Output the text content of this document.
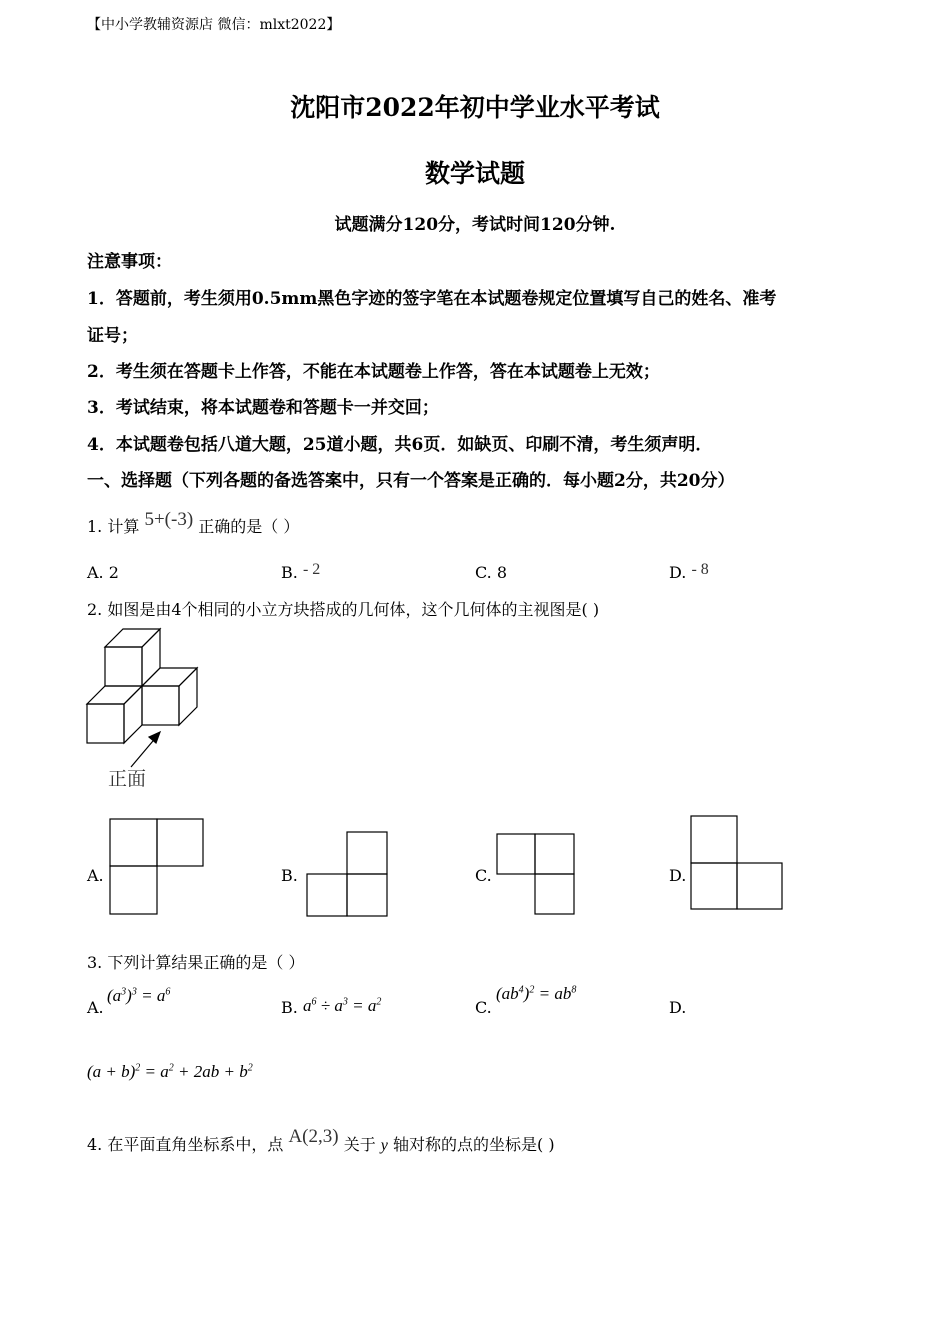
【中小学教辅资源店 微信：mlxt2022】
沈阳市2022年初中学业水平考试
数学试题
试题满分120分，考试时间120分钟.
注意事项：
1．答题前，考生须用0.5mm黑色字迹的签字笔在本试题卷规定位置填写自己的姓名、准考
证号；
2．考生须在答题卡上作答，不能在本试题卷上作答，答在本试题卷上无效；
3．考试结束，将本试题卷和答题卡一并交回；
4．本试题卷包括八道大题，25道小题，共6页．如缺页、印刷不清，考生须声明．
一、选择题（下列各题的备选答案中，只有一个答案是正确的．每小题2分，共20分）
1. 计算 5+(-3) 正确的是（ ）
A. 2	B. - 2	C. 8	D. - 8
2. 如图是由4个相同的小立方块搭成的几何体，这个几何体的主视图是( )
正面
A.	B.	C.	D.
3. 下列计算结果正确的是（ ）
A.
$(a^3)^3 = a^6$
B. $a^6 \div a^3 = a^2$	C.
$(ab^4)^2 = ab^8$
D.
$(a + b)^2 = a^2 + 2ab + b^2$
4. 在平面直角坐标系中，点 A(2,3) 关于 y 轴对称的点的坐标是( )
